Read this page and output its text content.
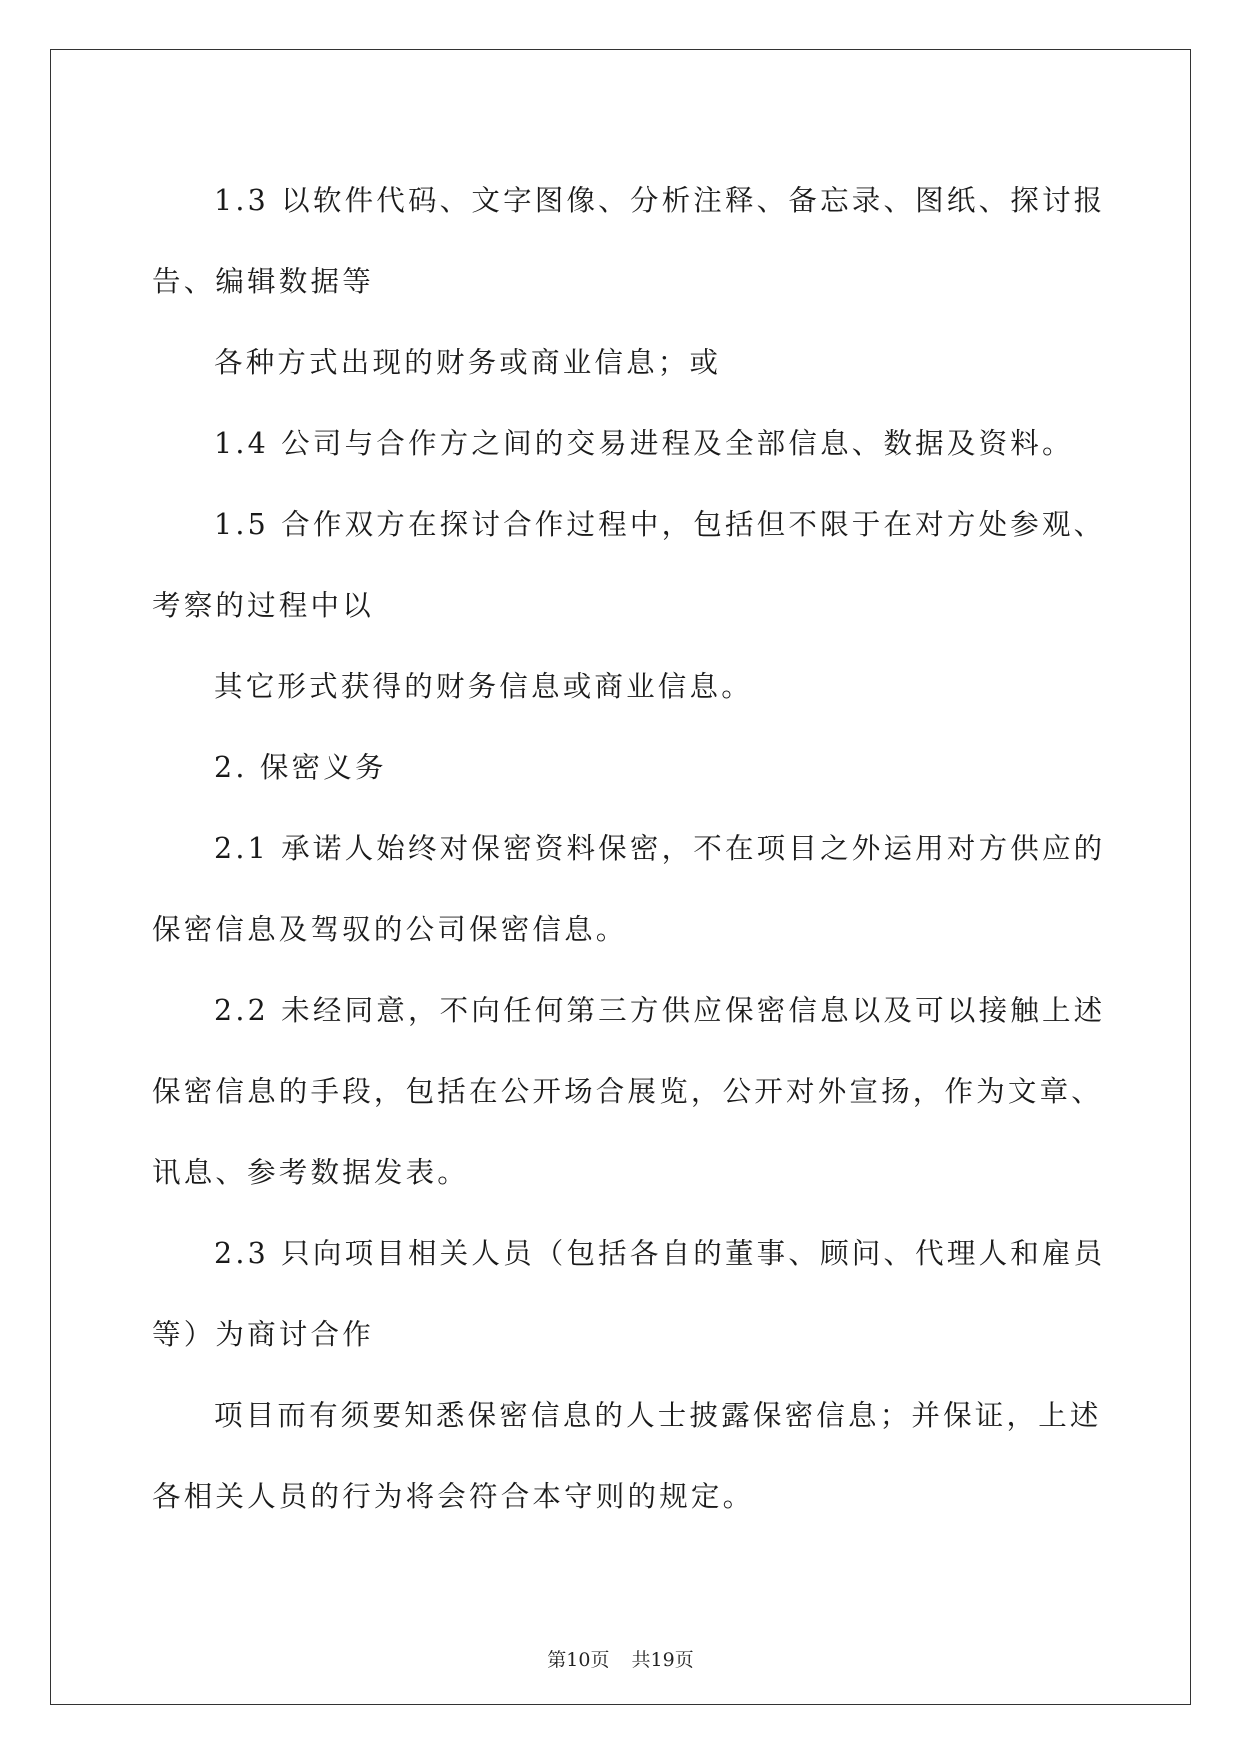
1.3 以软件代码、文字图像、分析注释、备忘录、图纸、探讨报

告、编辑数据等

各种方式出现的财务或商业信息；或

1.4 公司与合作方之间的交易进程及全部信息、数据及资料。

1.5 合作双方在探讨合作过程中，包括但不限于在对方处参观、

考察的过程中以

其它形式获得的财务信息或商业信息。

2. 保密义务

2.1 承诺人始终对保密资料保密，不在项目之外运用对方供应的

保密信息及驾驭的公司保密信息。

2.2 未经同意，不向任何第三方供应保密信息以及可以接触上述

保密信息的手段，包括在公开场合展览，公开对外宣扬，作为文章、

讯息、参考数据发表。

2.3 只向项目相关人员（包括各自的董事、顾问、代理人和雇员

等）为商讨合作

项目而有须要知悉保密信息的人士披露保密信息；并保证，上述

各相关人员的行为将会符合本守则的规定。

第10页 共19页
